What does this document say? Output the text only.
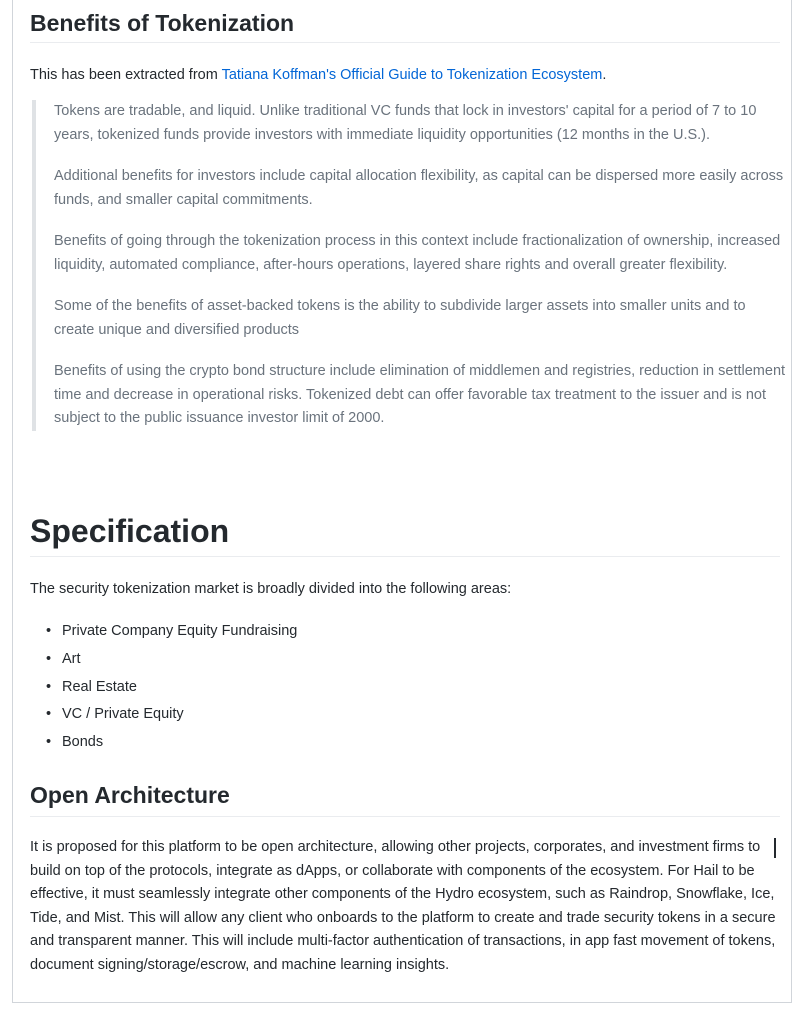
Benefits of Tokenization

This has been extracted from Tatiana Koffman's Official Guide to Tokenization Ecosystem.

Tokens are tradable, and liquid. Unlike traditional VC funds that lock in investors' capital for a period of 7 to 10 years, tokenized funds provide investors with immediate liquidity opportunities (12 months in the U.S.).

Additional benefits for investors include capital allocation flexibility, as capital can be dispersed more easily across funds, and smaller capital commitments.

Benefits of going through the tokenization process in this context include fractionalization of ownership, increased liquidity, automated compliance, after-hours operations, layered share rights and overall greater flexibility.

Some of the benefits of asset-backed tokens is the ability to subdivide larger assets into smaller units and to create unique and diversified products

Benefits of using the crypto bond structure include elimination of middlemen and registries, reduction in settlement time and decrease in operational risks. Tokenized debt can offer favorable tax treatment to the issuer and is not subject to the public issuance investor limit of 2000.

Specification

The security tokenization market is broadly divided into the following areas:

• Private Company Equity Fundraising
• Art
• Real Estate
• VC / Private Equity
• Bonds
Open Architecture

It is proposed for this platform to be open architecture, allowing other projects, corporates, and investment firms to build on top of the protocols, integrate as dApps, or collaborate with components of the ecosystem. For Hail to be effective, it must seamlessly integrate other components of the Hydro ecosystem, such as Raindrop, Snowflake, Ice, Tide, and Mist. This will allow any client who onboards to the platform to create and trade security tokens in a secure and transparent manner. This will include multi-factor authentication of transactions, in app fast movement of tokens, document signing/storage/escrow, and machine learning insights.
